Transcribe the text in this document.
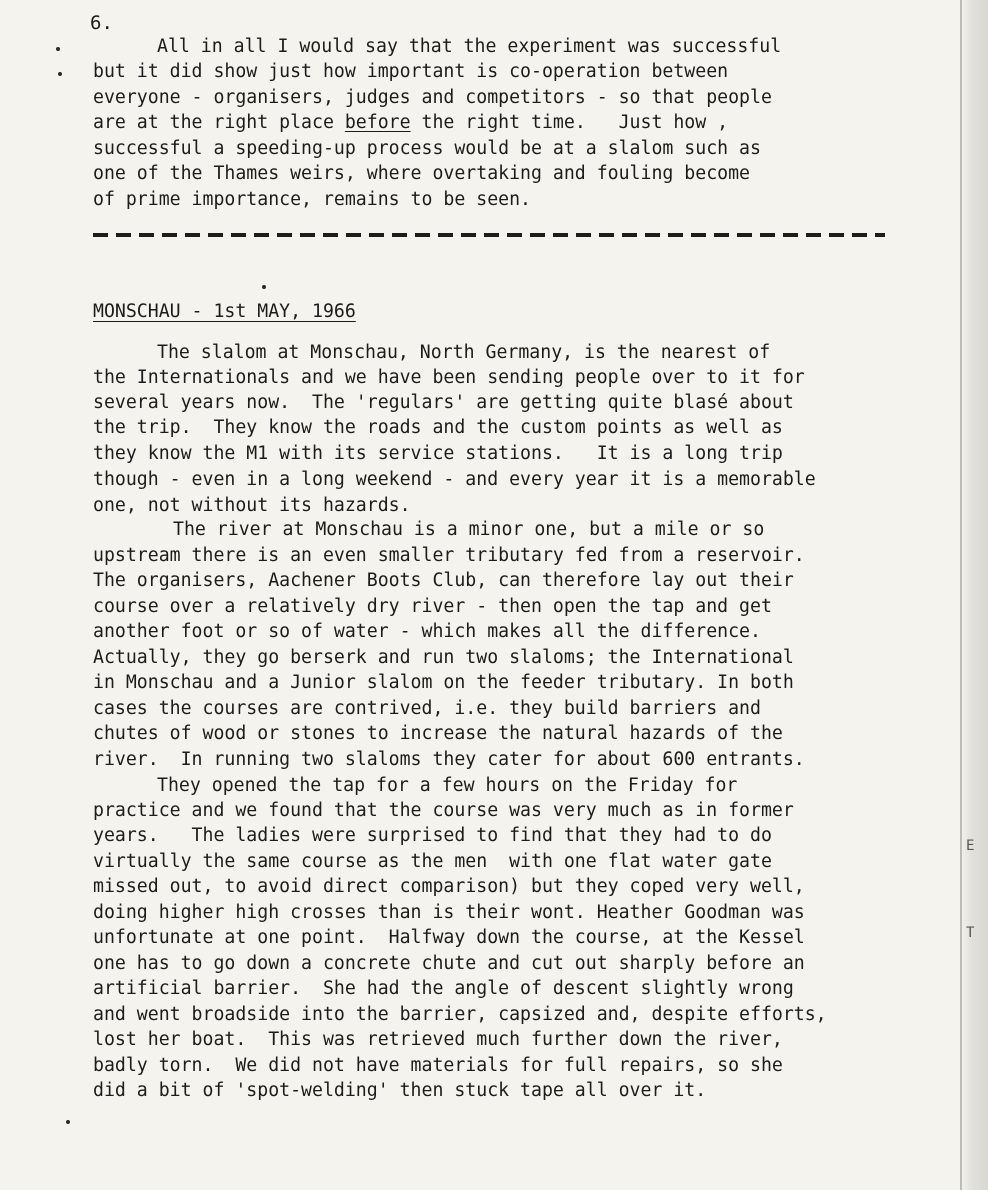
6.
All in all I would say that the experiment was successful
but it did show just how important is co-operation between
everyone - organisers, judges and competitors - so that people
are at the right place before the right time.   Just how ,
successful a speeding-up process would be at a slalom such as
one of the Thames weirs, where overtaking and fouling become
of prime importance, remains to be seen.
MONSCHAU - 1st MAY, 1966
The slalom at Monschau, North Germany, is the nearest of
the Internationals and we have been sending people over to it for
several years now.  The 'regulars' are getting quite blasé about
the trip.  They know the roads and the custom points as well as
they know the M1 with its service stations.   It is a long trip
though - even in a long weekend - and every year it is a memorable
one, not without its hazards.
The river at Monschau is a minor one, but a mile or so
upstream there is an even smaller tributary fed from a reservoir.
The organisers, Aachener Boots Club, can therefore lay out their
course over a relatively dry river - then open the tap and get
another foot or so of water - which makes all the difference.
Actually, they go berserk and run two slaloms; the International
in Monschau and a Junior slalom on the feeder tributary. In both
cases the courses are contrived, i.e. they build barriers and
chutes of wood or stones to increase the natural hazards of the
river.  In running two slaloms they cater for about 600 entrants.
They opened the tap for a few hours on the Friday for
practice and we found that the course was very much as in former
years.   The ladies were surprised to find that they had to do
virtually the same course as the men  with one flat water gate
missed out, to avoid direct comparison) but they coped very well,
doing higher high crosses than is their wont. Heather Goodman was
unfortunate at one point.  Halfway down the course, at the Kessel
one has to go down a concrete chute and cut out sharply before an
artificial barrier.  She had the angle of descent slightly wrong
and went broadside into the barrier, capsized and, despite efforts,
lost her boat.  This was retrieved much further down the river,
badly torn.  We did not have materials for full repairs, so she
did a bit of 'spot-welding' then stuck tape all over it.
E
T
